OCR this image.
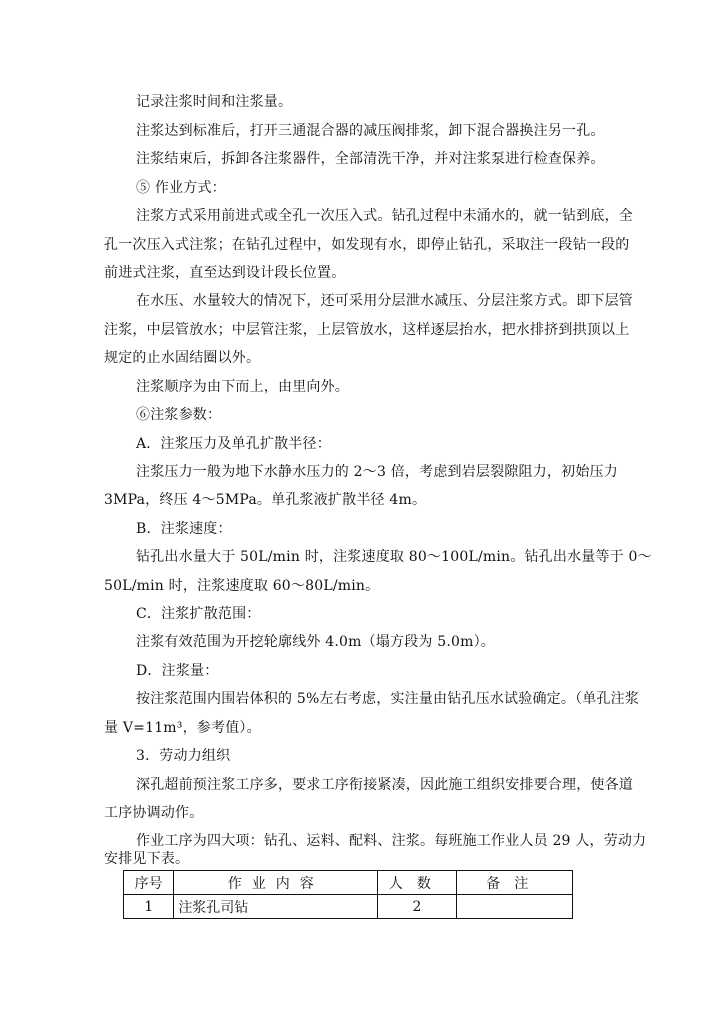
记录注浆时间和注浆量。
注浆达到标准后，打开三通混合器的减压阀排浆，卸下混合器换注另一孔。
注浆结束后，拆卸各注浆器件，全部清洗干净，并对注浆泵进行检查保养。
⑤ 作业方式：
注浆方式采用前进式或全孔一次压入式。钻孔过程中未涌水的，就一钻到底，全
孔一次压入式注浆；在钻孔过程中，如发现有水，即停止钻孔，采取注一段钻一段的
前进式注浆，直至达到设计段长位置。
在水压、水量较大的情况下，还可采用分层泄水减压、分层注浆方式。即下层管
注浆，中层管放水；中层管注浆，上层管放水，这样逐层抬水，把水排挤到拱顶以上
规定的止水固结圈以外。
注浆顺序为由下而上，由里向外。
⑥注浆参数：
A．注浆压力及单孔扩散半径：
注浆压力一般为地下水静水压力的 2～3 倍，考虑到岩层裂隙阻力，初始压力
3MPa，终压 4～5MPa。单孔浆液扩散半径 4m。
B．注浆速度：
钻孔出水量大于 50L/min 时，注浆速度取 80～100L/min。钻孔出水量等于 0～
50L/min 时，注浆速度取 60～80L/min。
C．注浆扩散范围：
注浆有效范围为开挖轮廓线外 4.0m（塌方段为 5.0m）。
D．注浆量：
按注浆范围内围岩体积的 5%左右考虑，实注量由钻孔压水试验确定。（单孔注浆
量 V=11m³，参考值）。
3．劳动力组织
深孔超前预注浆工序多，要求工序衔接紧凑，因此施工组织安排要合理，使各道
工序协调动作。
作业工序为四大项：钻孔、运料、配料、注浆。每班施工作业人员 29 人，劳动力
安排见下表。
序号	作业内容	人数	备注
1	注浆孔司钻	2	
